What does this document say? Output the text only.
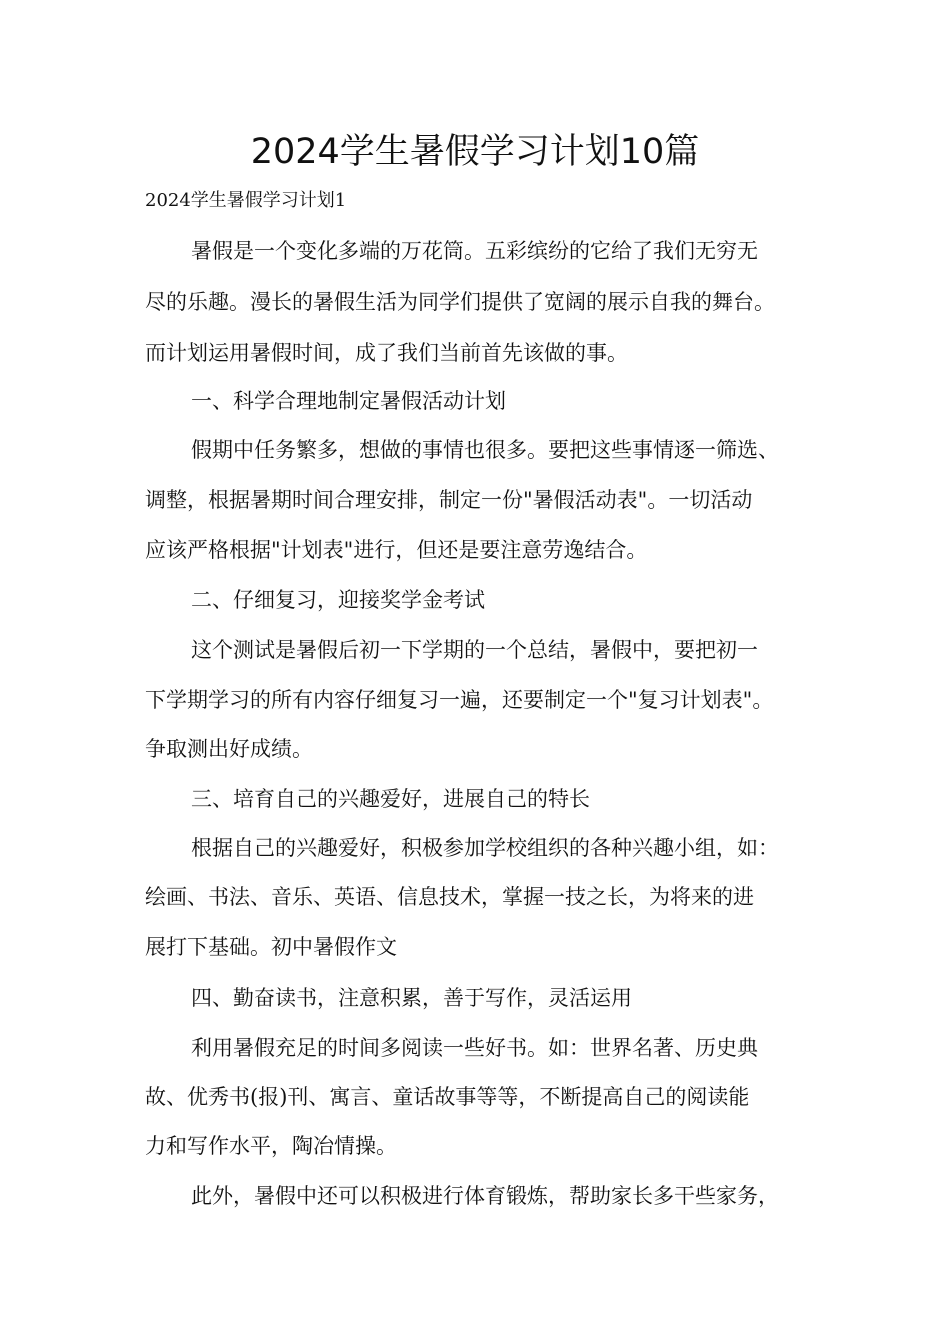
2024学生暑假学习计划10篇
2024学生暑假学习计划1
暑假是一个变化多端的万花筒。五彩缤纷的它给了我们无穷无
尽的乐趣。漫长的暑假生活为同学们提供了宽阔的展示自我的舞台。
而计划运用暑假时间，成了我们当前首先该做的事。
一、科学合理地制定暑假活动计划
假期中任务繁多，想做的事情也很多。要把这些事情逐一筛选、
调整，根据暑期时间合理安排，制定一份"暑假活动表"。一切活动
应该严格根据"计划表"进行，但还是要注意劳逸结合。
二、仔细复习，迎接奖学金考试
这个测试是暑假后初一下学期的一个总结，暑假中，要把初一
下学期学习的所有内容仔细复习一遍，还要制定一个"复习计划表"。
争取测出好成绩。
三、培育自己的兴趣爱好，进展自己的特长
根据自己的兴趣爱好，积极参加学校组织的各种兴趣小组，如：
绘画、书法、音乐、英语、信息技术，掌握一技之长，为将来的进
展打下基础。初中暑假作文
四、勤奋读书，注意积累，善于写作，灵活运用
利用暑假充足的时间多阅读一些好书。如：世界名著、历史典
故、优秀书(报)刊、寓言、童话故事等等，不断提高自己的阅读能
力和写作水平，陶冶情操。
此外，暑假中还可以积极进行体育锻炼，帮助家长多干些家务，
